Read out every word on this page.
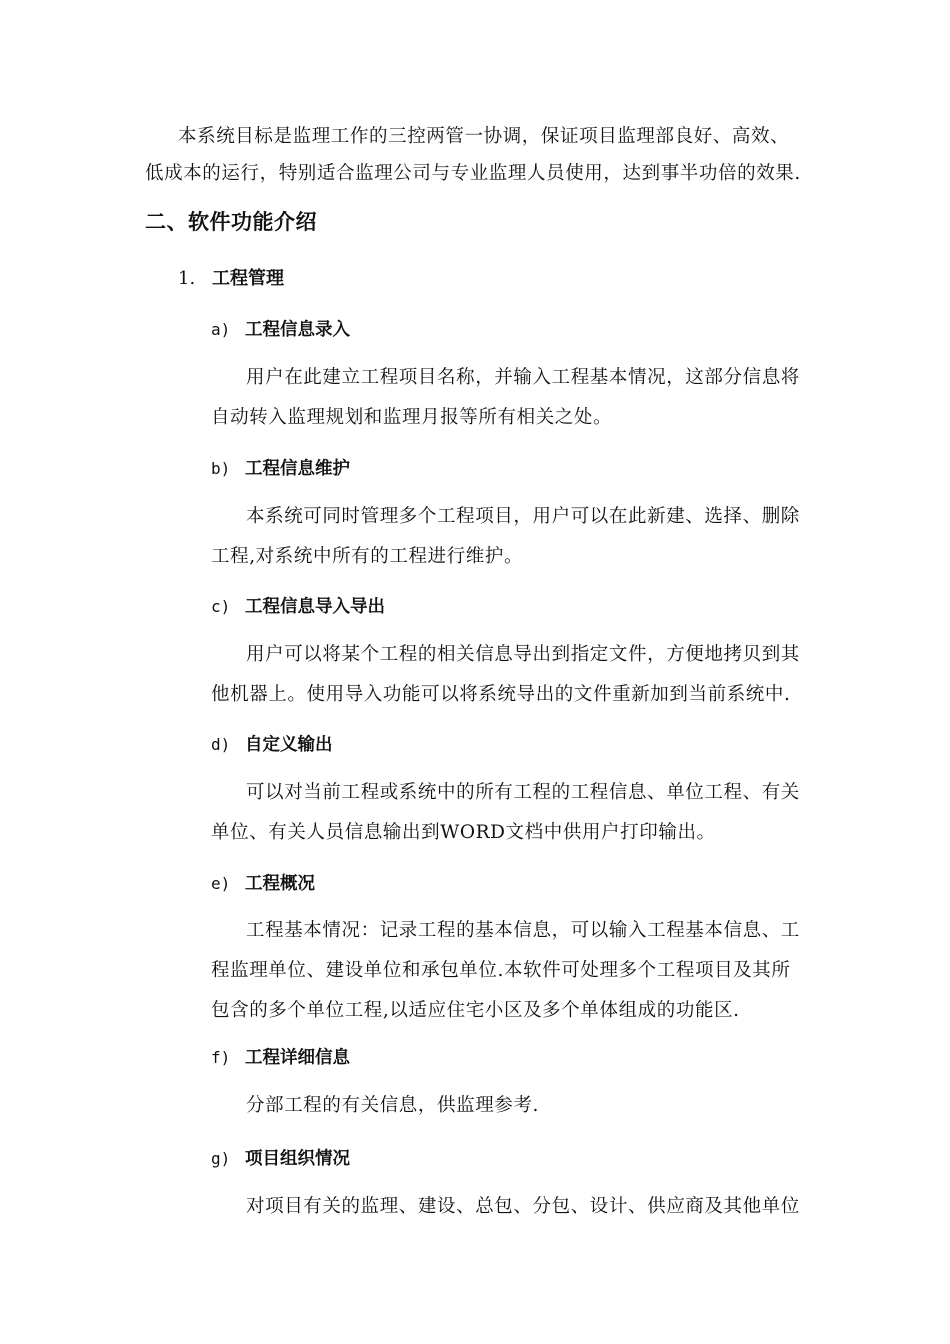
本系统目标是监理工作的三控两管一协调，保证项目监理部良好、高效、
低成本的运行，特别适合监理公司与专业监理人员使用，达到事半功倍的效果.
二、软件功能介绍
1. 工程管理
a) 工程信息录入
用户在此建立工程项目名称，并输入工程基本情况，这部分信息将
自动转入监理规划和监理月报等所有相关之处。
b) 工程信息维护
本系统可同时管理多个工程项目，用户可以在此新建、选择、删除
工程,对系统中所有的工程进行维护。
c) 工程信息导入导出
用户可以将某个工程的相关信息导出到指定文件，方便地拷贝到其
他机器上。使用导入功能可以将系统导出的文件重新加到当前系统中.
d) 自定义输出
可以对当前工程或系统中的所有工程的工程信息、单位工程、有关
单位、有关人员信息输出到WORD文档中供用户打印输出。
e) 工程概况
工程基本情况：记录工程的基本信息，可以输入工程基本信息、工
程监理单位、建设单位和承包单位.本软件可处理多个工程项目及其所
包含的多个单位工程,以适应住宅小区及多个单体组成的功能区.
f) 工程详细信息
分部工程的有关信息，供监理参考.
g) 项目组织情况
对项目有关的监理、建设、总包、分包、设计、供应商及其他单位
